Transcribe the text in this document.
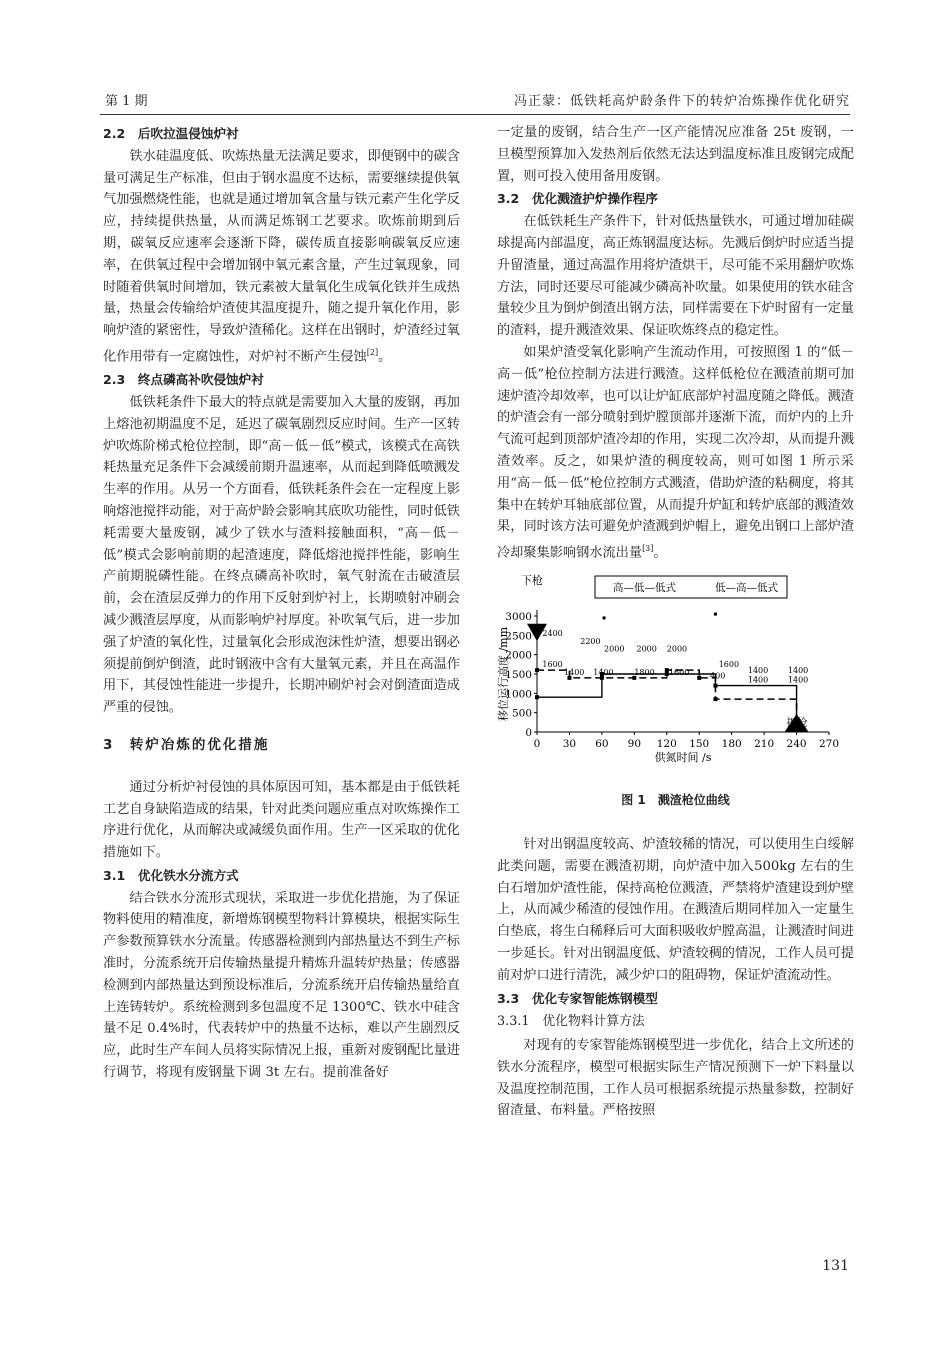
第 1 期	冯正蒙：低铁耗高炉龄条件下的转炉冶炼操作优化研究
2.2　后吹拉温侵蚀炉衬

铁水硅温度低、吹炼热量无法满足要求，即便钢中的碳含量可满足生产标准，但由于钢水温度不达标，需要继续提供氧气加强燃烧性能，也就是通过增加氧含量与铁元素产生化学反应，持续提供热量，从而满足炼钢工艺要求。吹炼前期到后期，碳氧反应速率会逐渐下降，碳传质直接影响碳氧反应速率，在供氧过程中会增加钢中氧元素含量，产生过氧现象，同时随着供氧时间增加，铁元素被大量氧化生成氧化铁并生成热量，热量会传输给炉渣使其温度提升，随之提升氧化作用，影响炉渣的紧密性，导致炉渣稀化。这样在出钢时，炉渣经过氧化作用带有一定腐蚀性，对炉衬不断产生侵蚀[2]。

2.3　终点磷高补吹侵蚀炉衬

低铁耗条件下最大的特点就是需要加入大量的废钢，再加上熔池初期温度不足，延迟了碳氧剧烈反应时间。生产一区转炉吹炼阶梯式枪位控制，即“高－低－低”模式，该模式在高铁耗热量充足条件下会减缓前期升温速率，从而起到降低喷溅发生率的作用。从另一个方面看，低铁耗条件会在一定程度上影响熔池搅拌动能，对于高炉龄会影响其底吹功能性，同时低铁耗需要大量废钢，减少了铁水与渣料接触面积，“高－低－低”模式会影响前期的起渣速度，降低熔池搅拌性能，影响生产前期脱磷性能。在终点磷高补吹时，氧气射流在击破渣层前，会在渣层反弹力的作用下反射到炉衬上，长期喷射冲刷会减少溅渣层厚度，从而影响炉衬厚度。补吹氧气后，进一步加强了炉渣的氧化性，过量氧化会形成泡沫性炉渣，想要出钢必须提前倒炉倒渣，此时钢液中含有大量氧元素，并且在高温作用下，其侵蚀性能进一步提升，长期冲刷炉衬会对倒渣面造成严重的侵蚀。

3　转炉冶炼的优化措施

通过分析炉衬侵蚀的具体原因可知，基本都是由于低铁耗工艺自身缺陷造成的结果，针对此类问题应重点对吹炼操作工序进行优化，从而解决或减缓负面作用。生产一区采取的优化措施如下。

3.1　优化铁水分流方式

结合铁水分流形式现状，采取进一步优化措施，为了保证物料使用的精准度，新增炼钢模型物料计算模块，根据实际生产参数预算铁水分流量。传感器检测到内部热量达不到生产标准时，分流系统开启传输热量提升精炼升温转炉热量；传感器检测到内部热量达到预设标准后，分流系统开启传输热量给直上连铸转炉。系统检测到多包温度不足 1300℃、铁水中硅含量不足 0.4%时，代表转炉中的热量不达标，难以产生剧烈反应，此时生产车间人员将实际情况上报，重新对废钢配比量进行调节，将现有废钢量下调 3t 左右。提前准备好

一定量的废钢，结合生产一区产能情况应准备 25t 废钢，一旦模型预算加入发热剂后依然无法达到温度标准且废钢完成配置，则可投入使用备用废钢。

3.2　优化溅渣护炉操作程序

在低铁耗生产条件下，针对低热量铁水，可通过增加硅碳球提高内部温度，高正炼钢温度达标。先溅后倒炉时应适当提升留渣量，通过高温作用将炉渣烘干，尽可能不采用翻炉吹炼方法，同时还要尽可能减少磷高补吹量。如果使用的铁水硅含量较少且为倒炉倒渣出钢方法，同样需要在下炉时留有一定量的渣料，提升溅渣效果、保证吹炼终点的稳定性。

如果炉渣受氧化影响产生流动作用，可按照图 1 的“低－高－低”枪位控制方法进行溅渣。这样低枪位在溅渣前期可加速炉渣冷却效率，也可以让炉缸底部炉衬温度随之降低。溅渣的炉渣会有一部分喷射到炉膛顶部并逐渐下流，而炉内的上升气流可起到顶部炉渣冷却的作用，实现二次冷却，从而提升溅渣效率。反之，如果炉渣的稠度较高，则可如图 1 所示采用“高－低－低”枪位控制方式溅渣，借助炉渣的粘稠度，将其集中在转炉耳轴底部位置，从而提升炉缸和转炉底部的溅渣效果，同时该方法可避免炉渣溅到炉帽上，避免出钢口上部炉渣冷却聚集影响钢水流出量[3]。

0 30 60 90 120 150 180 210 240 270
0
500
1000
1500
2000
2500
3000
供氮时间 /s
移位运行高度 /mm
下枪
高—低—低式	低—高—低式
2400
2200
2000 2000 2000
1600
1400 1400	1800 1600	400
1600
1400 1400
1400 1400
提枪
图 1　溅渣枪位曲线

针对出钢温度较高、炉渣较稀的情况，可以使用生白绥解此类问题，需要在溅渣初期，向炉渣中加入500kg 左右的生白石增加炉渣性能，保持高枪位溅渣，严禁将炉渣建设到炉壁上，从而减少稀渣的侵蚀作用。在溅渣后期同样加入一定量生白垫底，将生白稀释后可大面积吸收炉膛高温，让溅渣时间进一步延长。针对出钢温度低、炉渣较稠的情况，工作人员可提前对炉口进行清洗，减少炉口的阻碍物，保证炉渣流动性。

3.3　优化专家智能炼钢模型
3.3.1　优化物料计算方法

对现有的专家智能炼钢模型进一步优化，结合上文所述的铁水分流程序，模型可根据实际生产情况预测下一炉下料量以及温度控制范围，工作人员可根据系统提示热量参数，控制好留渣量、布料量。严格按照

131
